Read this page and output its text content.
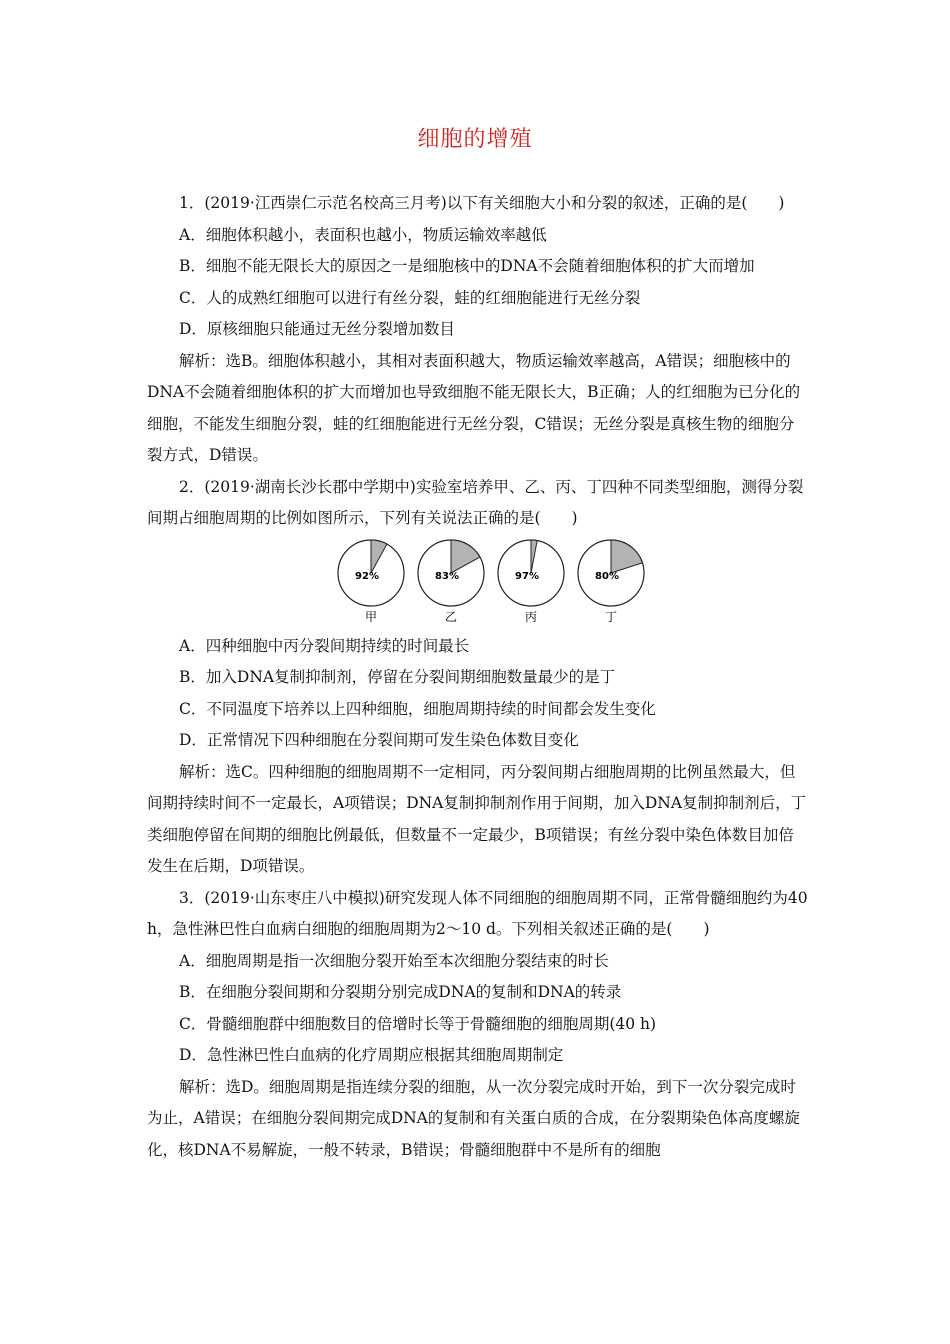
细胞的增殖

1．(2019·江西崇仁示范名校高三月考)以下有关细胞大小和分裂的叙述，正确的是(　　)

A．细胞体积越小，表面积也越小，物质运输效率越低

B．细胞不能无限长大的原因之一是细胞核中的DNA不会随着细胞体积的扩大而增加

C．人的成熟红细胞可以进行有丝分裂，蛙的红细胞能进行无丝分裂

D．原核细胞只能通过无丝分裂增加数目

解析：选B。细胞体积越小，其相对表面积越大，物质运输效率越高，A错误；细胞核中的DNA不会随着细胞体积的扩大而增加也导致细胞不能无限长大，B正确；人的红细胞为已分化的细胞，不能发生细胞分裂，蛙的红细胞能进行无丝分裂，C错误；无丝分裂是真核生物的细胞分裂方式，D错误。

2．(2019·湖南长沙长郡中学期中)实验室培养甲、乙、丙、丁四种不同类型细胞，测得分裂间期占细胞周期的比例如图所示，下列有关说法正确的是(　　)

92%
甲
83%
乙
97%
丙
80%
丁

A．四种细胞中丙分裂间期持续的时间最长

B．加入DNA复制抑制剂，停留在分裂间期细胞数量最少的是丁

C．不同温度下培养以上四种细胞，细胞周期持续的时间都会发生变化

D．正常情况下四种细胞在分裂间期可发生染色体数目变化

解析：选C。四种细胞的细胞周期不一定相同，丙分裂间期占细胞周期的比例虽然最大，但间期持续时间不一定最长，A项错误；DNA复制抑制剂作用于间期，加入DNA复制抑制剂后，丁类细胞停留在间期的细胞比例最低，但数量不一定最少，B项错误；有丝分裂中染色体数目加倍发生在后期，D项错误。

3．(2019·山东枣庄八中模拟)研究发现人体不同细胞的细胞周期不同，正常骨髓细胞约为40 h，急性淋巴性白血病白细胞的细胞周期为2～10 d。下列相关叙述正确的是(　　)

A．细胞周期是指一次细胞分裂开始至本次细胞分裂结束的时长

B．在细胞分裂间期和分裂期分别完成DNA的复制和DNA的转录

C．骨髓细胞群中细胞数目的倍增时长等于骨髓细胞的细胞周期(40 h)

D．急性淋巴性白血病的化疗周期应根据其细胞周期制定

解析：选D。细胞周期是指连续分裂的细胞，从一次分裂完成时开始，到下一次分裂完成时为止，A错误；在细胞分裂间期完成DNA的复制和有关蛋白质的合成，在分裂期染色体高度螺旋化，核DNA不易解旋，一般不转录，B错误；骨髓细胞群中不是所有的细胞
